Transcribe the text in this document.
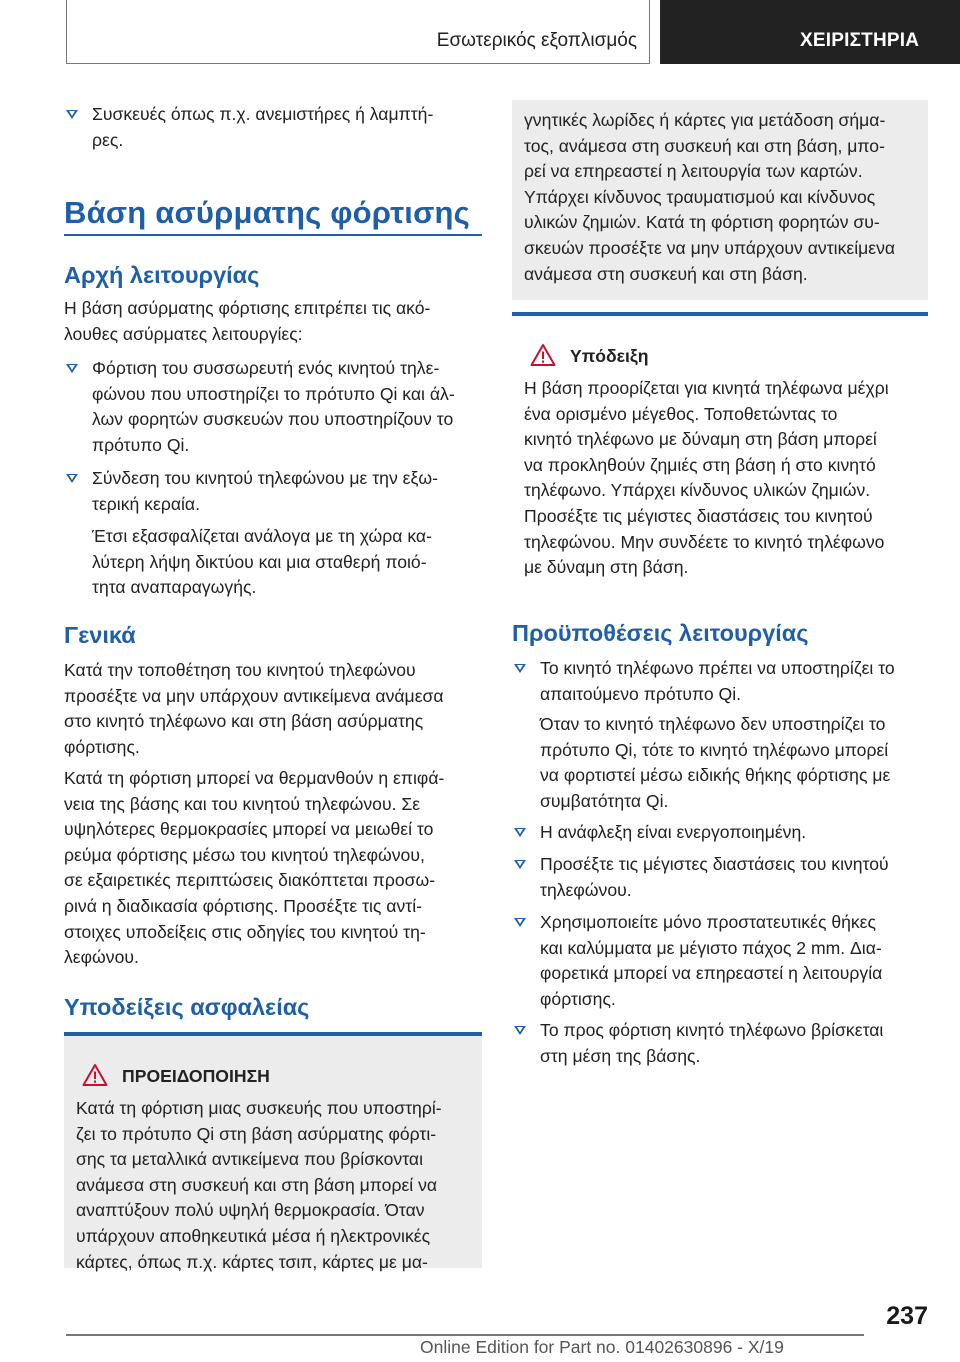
Εσωτερικός εξοπλισμός	ΧΕΙΡΙΣΤΗΡΙΑ
Συσκευές όπως π.χ. ανεμιστήρες ή λαμπτή-
ρες.
Βάση ασύρματης φόρτισης
Αρχή λειτουργίας
Η βάση ασύρματης φόρτισης επιτρέπει τις ακό-
λουθες ασύρματες λειτουργίες:
Φόρτιση του συσσωρευτή ενός κινητού τηλε-
φώνου που υποστηρίζει το πρότυπο Qi και άλ-
λων φορητών συσκευών που υποστηρίζουν το
πρότυπο Qi.
Σύνδεση του κινητού τηλεφώνου με την εξω-
τερική κεραία.
Έτσι εξασφαλίζεται ανάλογα με τη χώρα κα-
λύτερη λήψη δικτύου και μια σταθερή ποιό-
τητα αναπαραγωγής.
Γενικά
Κατά την τοποθέτηση του κινητού τηλεφώνου
προσέξτε να μην υπάρχουν αντικείμενα ανάμεσα
στο κινητό τηλέφωνο και στη βάση ασύρματης
φόρτισης.
Κατά τη φόρτιση μπορεί να θερμανθούν η επιφά-
νεια της βάσης και του κινητού τηλεφώνου. Σε
υψηλότερες θερμοκρασίες μπορεί να μειωθεί το
ρεύμα φόρτισης μέσω του κινητού τηλεφώνου,
σε εξαιρετικές περιπτώσεις διακόπτεται προσω-
ρινά η διαδικασία φόρτισης. Προσέξτε τις αντί-
στοιχες υποδείξεις στις οδηγίες του κινητού τη-
λεφώνου.
Υποδείξεις ασφαλείας
ΠΡΟΕΙΔΟΠΟΙΗΣΗ
Κατά τη φόρτιση μιας συσκευής που υποστηρί-
ζει το πρότυπο Qi στη βάση ασύρματης φόρτι-
σης τα μεταλλικά αντικείμενα που βρίσκονται
ανάμεσα στη συσκευή και στη βάση μπορεί να
αναπτύξουν πολύ υψηλή θερμοκρασία. Όταν
υπάρχουν αποθηκευτικά μέσα ή ηλεκτρονικές
κάρτες, όπως π.χ. κάρτες τσιπ, κάρτες με μα-
γνητικές λωρίδες ή κάρτες για μετάδοση σήμα-
τος, ανάμεσα στη συσκευή και στη βάση, μπο-
ρεί να επηρεαστεί η λειτουργία των καρτών.
Υπάρχει κίνδυνος τραυματισμού και κίνδυνος
υλικών ζημιών. Κατά τη φόρτιση φορητών συ-
σκευών προσέξτε να μην υπάρχουν αντικείμενα
ανάμεσα στη συσκευή και στη βάση.
Υπόδειξη
Η βάση προορίζεται για κινητά τηλέφωνα μέχρι
ένα ορισμένο μέγεθος. Τοποθετώντας το
κινητό τηλέφωνο με δύναμη στη βάση μπορεί
να προκληθούν ζημιές στη βάση ή στο κινητό
τηλέφωνο. Υπάρχει κίνδυνος υλικών ζημιών.
Προσέξτε τις μέγιστες διαστάσεις του κινητού
τηλεφώνου. Μην συνδέετε το κινητό τηλέφωνο
με δύναμη στη βάση.
Προϋποθέσεις λειτουργίας
Το κινητό τηλέφωνο πρέπει να υποστηρίζει το
απαιτούμενο πρότυπο Qi.
Όταν το κινητό τηλέφωνο δεν υποστηρίζει το
πρότυπο Qi, τότε το κινητό τηλέφωνο μπορεί
να φορτιστεί μέσω ειδικής θήκης φόρτισης με
συμβατότητα Qi.
Η ανάφλεξη είναι ενεργοποιημένη.
Προσέξτε τις μέγιστες διαστάσεις του κινητού
τηλεφώνου.
Χρησιμοποιείτε μόνο προστατευτικές θήκες
και καλύμματα με μέγιστο πάχος 2 mm. Δια-
φορετικά μπορεί να επηρεαστεί η λειτουργία
φόρτισης.
Το προς φόρτιση κινητό τηλέφωνο βρίσκεται
στη μέση της βάσης.
237
Online Edition for Part no. 01402630896 - X/19
